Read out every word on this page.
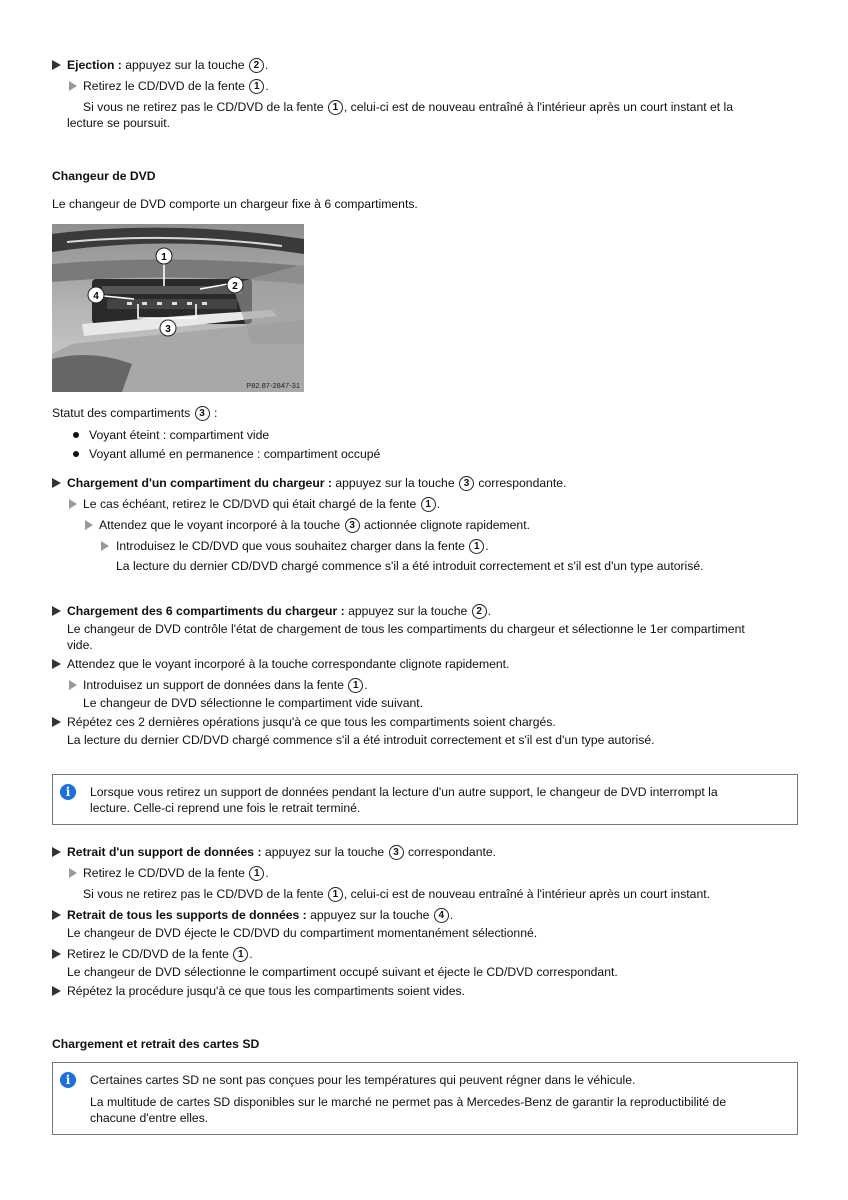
Ejection : appuyez sur la touche 2 .
Retirez le CD/DVD de la fente 1 .
Si vous ne retirez pas le CD/DVD de la fente 1 , celui-ci est de nouveau entraîné à l'intérieur après un court instant et la
lecture se poursuit.
Changeur de DVD
Le changeur de DVD comporte un chargeur fixe à 6 compartiments.
1
2
3
4
P82.87-2847-31
Statut des compartiments 3 :
Voyant éteint : compartiment vide
Voyant allumé en permanence : compartiment occupé
Chargement d'un compartiment du chargeur : appuyez sur la touche 3 correspondante.
Le cas échéant, retirez le CD/DVD qui était chargé de la fente 1 .
Attendez que le voyant incorporé à la touche 3 actionnée clignote rapidement.
Introduisez le CD/DVD que vous souhaitez charger dans la fente 1 .
La lecture du dernier CD/DVD chargé commence s'il a été introduit correctement et s'il est d'un type autorisé.
Chargement des 6 compartiments du chargeur : appuyez sur la touche 2 .
Le changeur de DVD contrôle l'état de chargement de tous les compartiments du chargeur et sélectionne le 1er compartiment
vide.
Attendez que le voyant incorporé à la touche correspondante clignote rapidement.
Introduisez un support de données dans la fente 1 .
Le changeur de DVD sélectionne le compartiment vide suivant.
Répétez ces 2 dernières opérations jusqu'à ce que tous les compartiments soient chargés.
La lecture du dernier CD/DVD chargé commence s'il a été introduit correctement et s'il est d'un type autorisé.
i	Lorsque vous retirez un support de données pendant la lecture d'un autre support, le changeur de DVD interrompt la
lecture. Celle-ci reprend une fois le retrait terminé.
Retrait d'un support de données : appuyez sur la touche 3 correspondante.
Retirez le CD/DVD de la fente 1 .
Si vous ne retirez pas le CD/DVD de la fente 1 , celui-ci est de nouveau entraîné à l'intérieur après un court instant.
Retrait de tous les supports de données : appuyez sur la touche 4 .
Le changeur de DVD éjecte le CD/DVD du compartiment momentanément sélectionné.
Retirez le CD/DVD de la fente 1 .
Le changeur de DVD sélectionne le compartiment occupé suivant et éjecte le CD/DVD correspondant.
Répétez la procédure jusqu'à ce que tous les compartiments soient vides.
Chargement et retrait des cartes SD
i	Certaines cartes SD ne sont pas conçues pour les températures qui peuvent régner dans le véhicule.
La multitude de cartes SD disponibles sur le marché ne permet pas à Mercedes-Benz de garantir la reproductibilité de
chacune d'entre elles.
